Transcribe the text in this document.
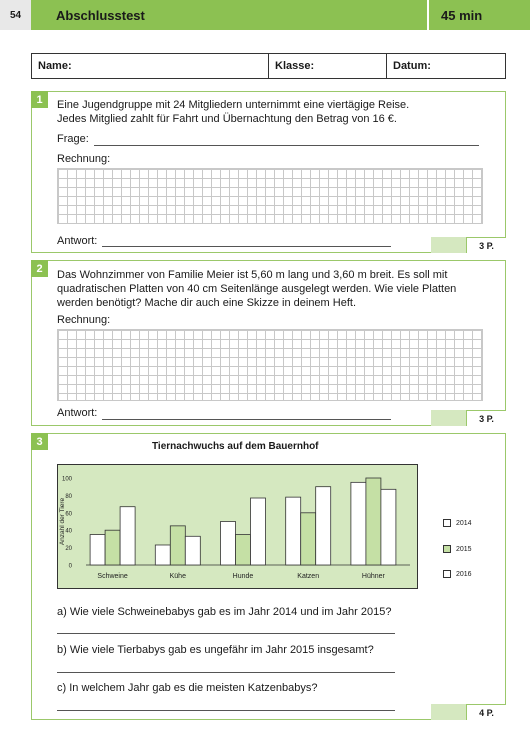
54	Abschlusstest	45 min
Name:	Klasse:	Datum:
1	Eine Jugendgruppe mit 24 Mitgliedern unternimmt eine viertägige Reise.
Jedes Mitglied zahlt für Fahrt und Übernachtung den Betrag von 16 €.
Frage:
Rechnung:
Antwort:	3 P.
2
Das Wohnzimmer von Familie Meier ist 5,60 m lang und 3,60 m breit. Es soll mit
quadratischen Platten von 40 cm Seitenlänge ausgelegt werden. Wie viele Platten
werden benötigt? Mache dir auch eine Skizze in deinem Heft.
Rechnung:
Antwort:	3 P.
3	Tiernachwuchs auf dem Bauernhof
0
20
40
60
80
100
Anzahl der Tiere
Schweine	Kühe	Hunde	Katzen	Hühner
2014
2015
2016
a) Wie viele Schweinebabys gab es im Jahr 2014 und im Jahr 2015?
b) Wie viele Tierbabys gab es ungefähr im Jahr 2015 insgesamt?
c) In welchem Jahr gab es die meisten Katzenbabys?
4 P.
